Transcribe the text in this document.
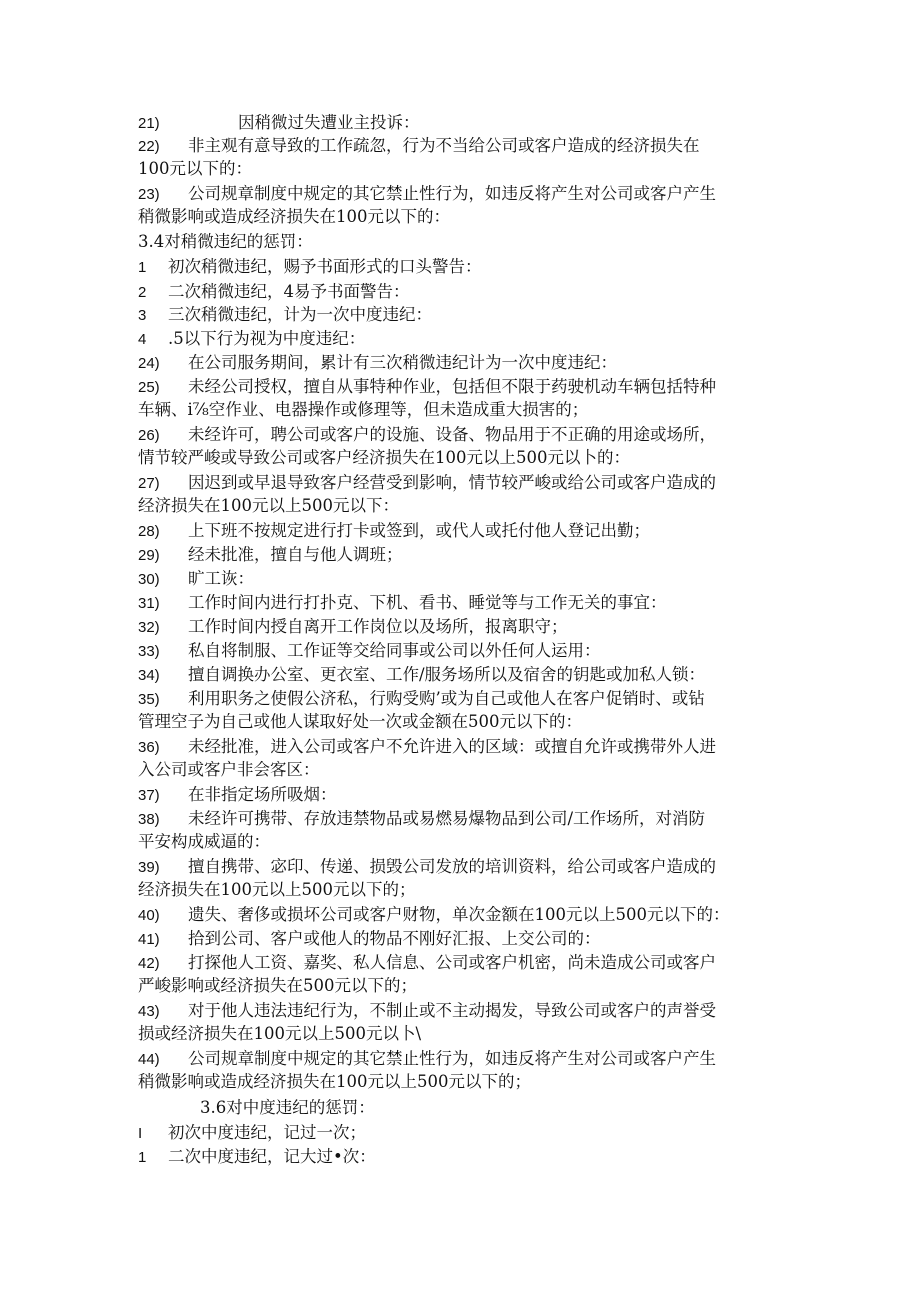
21)	因稍微过失遭业主投诉：
22) 非主观有意导致的工作疏忽，行为不当给公司或客户造成的经济损失在
100元以下的：
23) 公司规章制度中规定的其它禁止性行为，如违反将产生对公司或客户产生
稍微影响或造成经济损失在100元以下的：
3.4对稍微违纪的惩罚：
1 初次稍微违纪，赐予书面形式的口头警告：
2 二次稍微违纪，4易予书面警告：
3 三次稍微违纪，计为一次中度违纪：
4 .5以下行为视为中度违纪：
24) 在公司服务期间，累计有三次稍微违纪计为一次中度违纪：
25) 未经公司授权，擅自从事特种作业，包括但不限于药驶机动车辆包括特种
车辆、i⅞空作业、电器操作或修理等，但未造成重大损害的；
26) 未经许可，聘公司或客户的设施、设备、物品用于不正确的用途或场所，
情节较严峻或导致公司或客户经济损失在100元以上500元以卜的：
27) 因迟到或早退导致客户经营受到影响，情节较严峻或给公司或客户造成的
经济损失在100元以上500元以下：
28) 上下班不按规定进行打卡或签到，或代人或托付他人登记出勤；
29) 经未批准，擅自与他人调班；
30) 旷工诙：
31) 工作时间内进行打扑克、下机、看书、睡觉等与工作无关的事宜：
32) 工作时间内授自离开工作岗位以及场所，报离职守；
33) 私自将制服、工作证等交给同事或公司以外任何人运用：
34) 擅自调换办公室、更衣室、工作/服务场所以及宿舍的钥匙或加私人锁：
35) 利用职务之使假公济私，行购受购’或为自己或他人在客户促销时、或钻
管理空子为自己或他人谋取好处一次或金额在500元以下的：
36) 未经批准，进入公司或客户不允许进入的区域：或擅自允许或携带外人进
入公司或客户非会客区：
37) 在非指定场所吸烟：
38) 未经许可携带、存放违禁物品或易燃易爆物品到公司/工作场所，对消防
平安构成威逼的：
39) 擅自携带、宓印、传递、损毁公司发放的培训资料，给公司或客户造成的
经济损失在100元以上500元以下的；
40) 遗失、奢侈或损坏公司或客户财物，单次金额在100元以上500元以下的：
41) 拾到公司、客户或他人的物品不刚好汇报、上交公司的：
42) 打探他人工资、嘉奖、私人信息、公司或客户机密，尚未造成公司或客户
严峻影响或经济损失在500元以下的；
43) 对于他人违法违纪行为，不制止或不主动揭发，导致公司或客户的声誉受
损或经济损失在100元以上500元以卜\
44) 公司规章制度中规定的其它禁止性行为，如违反将产生对公司或客户产生
稍微影响或造成经济损失在100元以上500元以下的；
3.6对中度违纪的惩罚：
I 初次中度违纪，记过一次；
1 二次中度违纪，记大过•次：
